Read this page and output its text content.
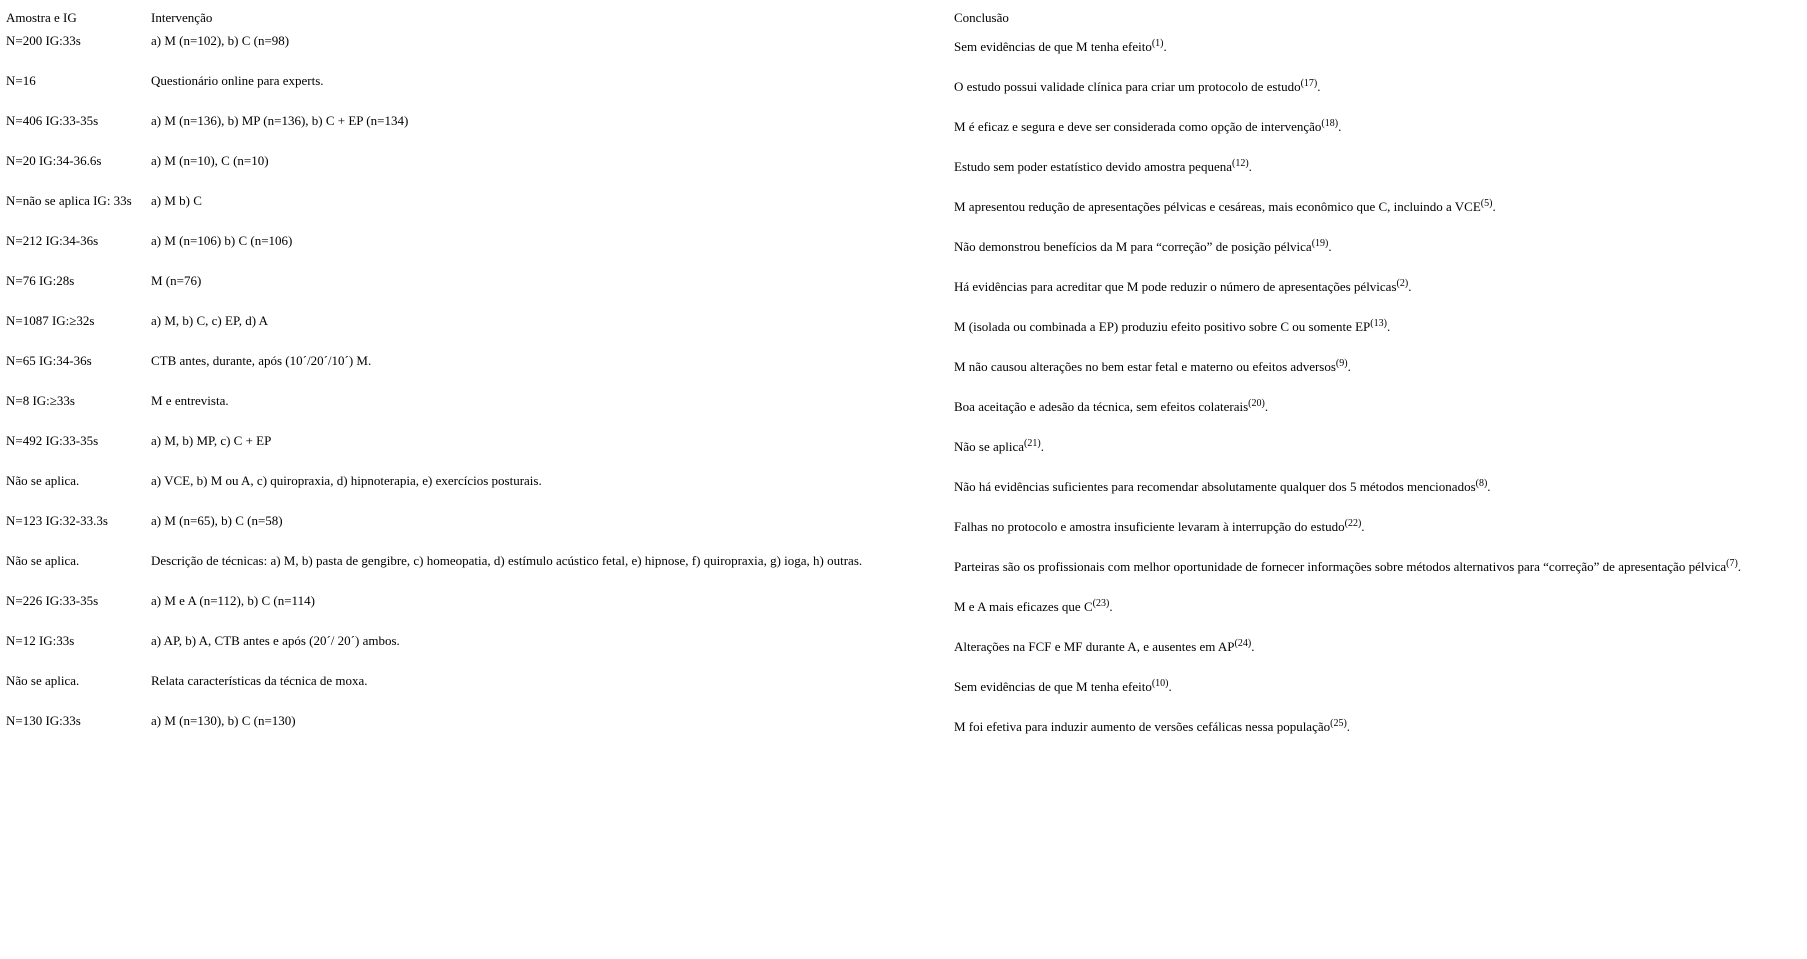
Amostra e IG	Intervenção	Conclusão
N=200 IG:33s	a) M (n=102), b) C (n=98)	Sem evidências de que M tenha efeito$^{(1)}$.
N=16	Questionário online para experts.	O estudo possui validade clínica para criar um protocolo de estudo$^{(17)}$.
N=406 IG:33-35s	a) M (n=136), b) MP (n=136), b) C + EP (n=134)	M é eficaz e segura e deve ser considerada como opção de intervenção$^{(18)}$.
N=20 IG:34-36.6s	a) M (n=10), C (n=10)	Estudo sem poder estatístico devido amostra pequena$^{(12)}$.
N=não se aplica IG: 33s	a) M b) C	M apresentou redução de apresentações pélvicas e cesáreas, mais econômico que C, incluindo a VCE$^{(5)}$.
N=212 IG:34-36s	a) M (n=106) b) C (n=106)	Não demonstrou benefícios da M para “correção” de posição pélvica$^{(19)}$.
N=76 IG:28s	M (n=76)	Há evidências para acreditar que M pode reduzir o número de apresentações pélvicas$^{(2)}$.
N=1087 IG:≥32s	a) M, b) C, c) EP, d) A	M (isolada ou combinada a EP) produziu efeito positivo sobre C ou somente EP$^{(13)}$.
N=65 IG:34-36s	CTB antes, durante, após (10´/20´/10´) M.	M não causou alterações no bem estar fetal e materno ou efeitos adversos$^{(9)}$.
N=8 IG:≥33s	M e entrevista.	Boa aceitação e adesão da técnica, sem efeitos colaterais$^{(20)}$.
N=492 IG:33-35s	a) M, b) MP, c) C + EP	Não se aplica$^{(21)}$.
Não se aplica.	a) VCE, b) M ou A, c) quiropraxia, d) hipnoterapia, e) exercícios posturais.	Não há evidências suficientes para recomendar absolutamente qualquer dos 5 métodos mencionados$^{(8)}$.
N=123 IG:32-33.3s	a) M (n=65), b) C (n=58)	Falhas no protocolo e amostra insuficiente levaram à interrupção do estudo$^{(22)}$.
Não se aplica.	Descrição de técnicas: a) M, b) pasta de gengibre, c) homeopatia, d) estímulo acústico fetal, e) hipnose, f) quiropraxia, g) ioga, h) outras.	Parteiras são os profissionais com melhor oportunidade de fornecer informações sobre métodos alternativos para “correção” de apresentação pélvica$^{(7)}$.
N=226 IG:33-35s	a) M e A (n=112), b) C (n=114)	M e A mais eficazes que $C^{(23)}$.
N=12 IG:33s	a) AP, b) A, CTB antes e após (20´/ 20´) ambos.	Alterações na FCF e MF durante A, e ausentes em AP$^{(24)}$.
Não se aplica.	Relata características da técnica de moxa.	Sem evidências de que M tenha efeito$^{(10)}$.
N=130 IG:33s	a) M (n=130), b) C (n=130)	M foi efetiva para induzir aumento de versões cefálicas nessa população$^{(25)}$.
